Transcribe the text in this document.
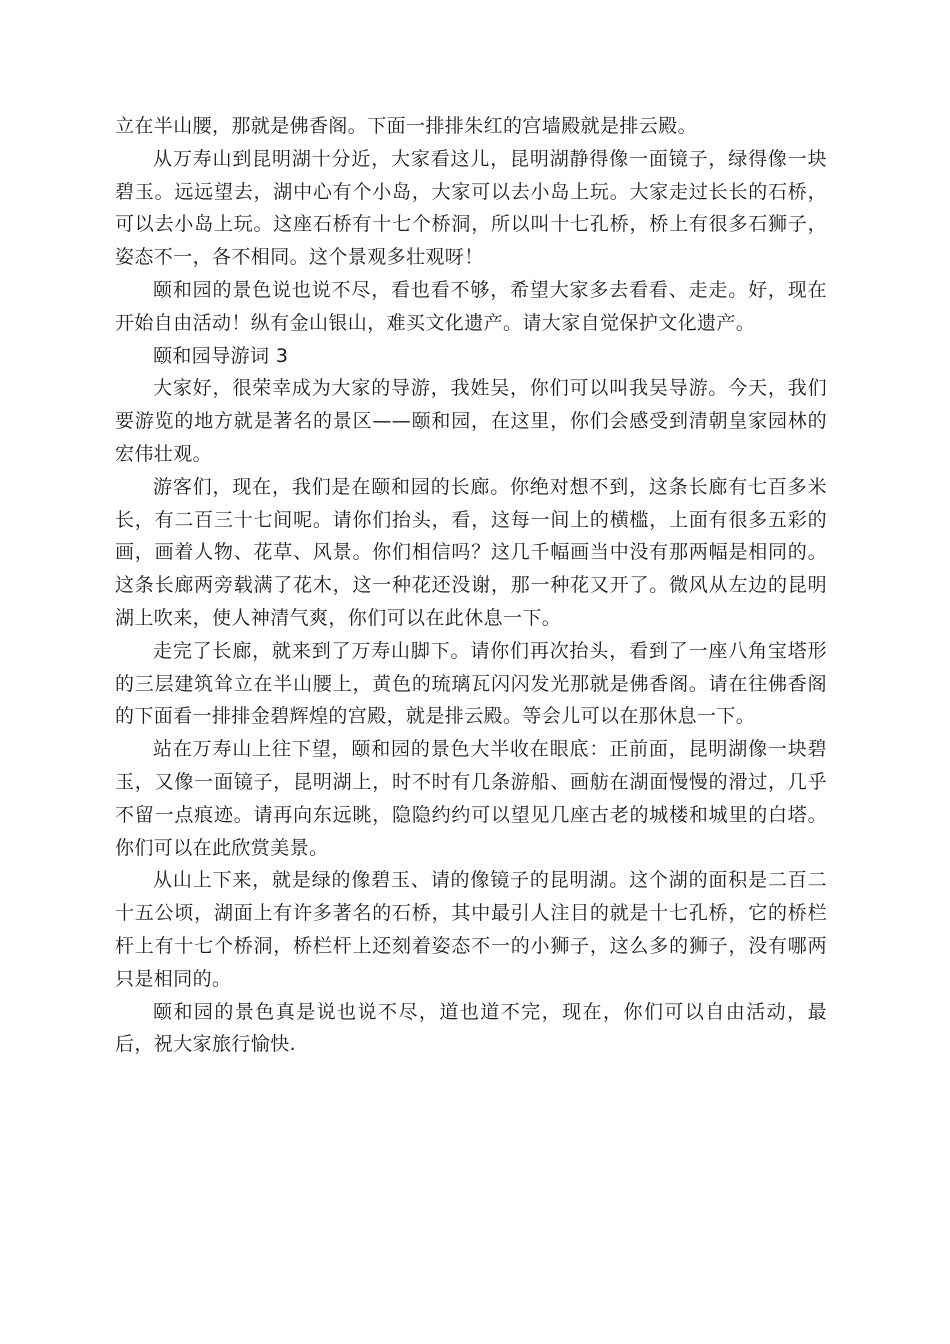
立在半山腰，那就是佛香阁。下面一排排朱红的宫墙殿就是排云殿。

从万寿山到昆明湖十分近，大家看这儿，昆明湖静得像一面镜子，绿得像一块碧玉。远远望去，湖中心有个小岛，大家可以去小岛上玩。大家走过长长的石桥，可以去小岛上玩。这座石桥有十七个桥洞，所以叫十七孔桥，桥上有很多石狮子，姿态不一，各不相同。这个景观多壮观呀！

颐和园的景色说也说不尽，看也看不够，希望大家多去看看、走走。好，现在开始自由活动！纵有金山银山，难买文化遗产。请大家自觉保护文化遗产。

颐和园导游词 3

大家好，很荣幸成为大家的导游，我姓吴，你们可以叫我吴导游。今天，我们要游览的地方就是著名的景区——颐和园，在这里，你们会感受到清朝皇家园林的宏伟壮观。

游客们，现在，我们是在颐和园的长廊。你绝对想不到，这条长廊有七百多米长，有二百三十七间呢。请你们抬头，看，这每一间上的横槛，上面有很多五彩的画，画着人物、花草、风景。你们相信吗？这几千幅画当中没有那两幅是相同的。这条长廊两旁载满了花木，这一种花还没谢，那一种花又开了。微风从左边的昆明湖上吹来，使人神清气爽，你们可以在此休息一下。

走完了长廊，就来到了万寿山脚下。请你们再次抬头，看到了一座八角宝塔形的三层建筑耸立在半山腰上，黄色的琉璃瓦闪闪发光那就是佛香阁。请在往佛香阁的下面看一排排金碧辉煌的宫殿，就是排云殿。等会儿可以在那休息一下。

站在万寿山上往下望，颐和园的景色大半收在眼底：正前面，昆明湖像一块碧玉，又像一面镜子，昆明湖上，时不时有几条游船、画舫在湖面慢慢的滑过，几乎不留一点痕迹。请再向东远眺，隐隐约约可以望见几座古老的城楼和城里的白塔。你们可以在此欣赏美景。

从山上下来，就是绿的像碧玉、请的像镜子的昆明湖。这个湖的面积是二百二十五公顷，湖面上有许多著名的石桥，其中最引人注目的就是十七孔桥，它的桥栏杆上有十七个桥洞，桥栏杆上还刻着姿态不一的小狮子，这么多的狮子，没有哪两只是相同的。

颐和园的景色真是说也说不尽，道也道不完，现在，你们可以自由活动，最后，祝大家旅行愉快.
